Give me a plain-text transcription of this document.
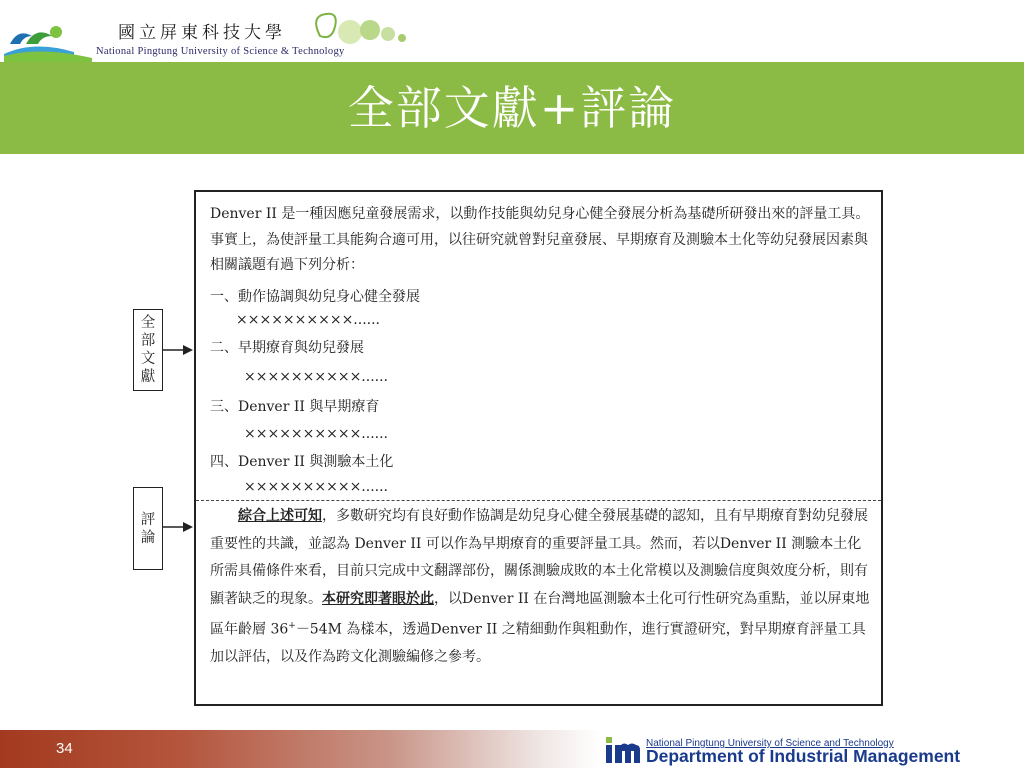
國立屏東科技大學
National Pingtung University of Science & Technology
全部文獻+評論
全
部
文
獻
評
論
Denver II 是一種因應兒童發展需求，以動作技能與幼兒身心健全發展分析為基礎所研發出來的評量工具。事實上，為使評量工具能夠合適可用，以往研究就曾對兒童發展、早期療育及測驗本土化等幼兒發展因素與相關議題有過下列分析：
一、動作協調與幼兒身心健全發展
××××××××××......
二、早期療育與幼兒發展
××××××××××......
三、Denver II 與早期療育
××××××××××......
四、Denver II 與測驗本土化
××××××××××......
綜合上述可知，多數研究均有良好動作協調是幼兒身心健全發展基礎的認知，且有早期療育對幼兒發展重要性的共識，並認為 Denver II 可以作為早期療育的重要評量工具。然而，若以Denver II 測驗本土化所需具備條件來看，目前只完成中文翻譯部份，關係測驗成敗的本土化常模以及測驗信度與效度分析，則有顯著缺乏的現象。本研究即著眼於此，以Denver II 在台灣地區測驗本土化可行性研究為重點，並以屏東地區年齡層 36+－54M 為樣本，透過Denver II 之精細動作與粗動作，進行實證研究，對早期療育評量工具加以評估，以及作為跨文化測驗編修之參考。
34	National Pingtung University of Science and Technology
Department of Industrial Management
